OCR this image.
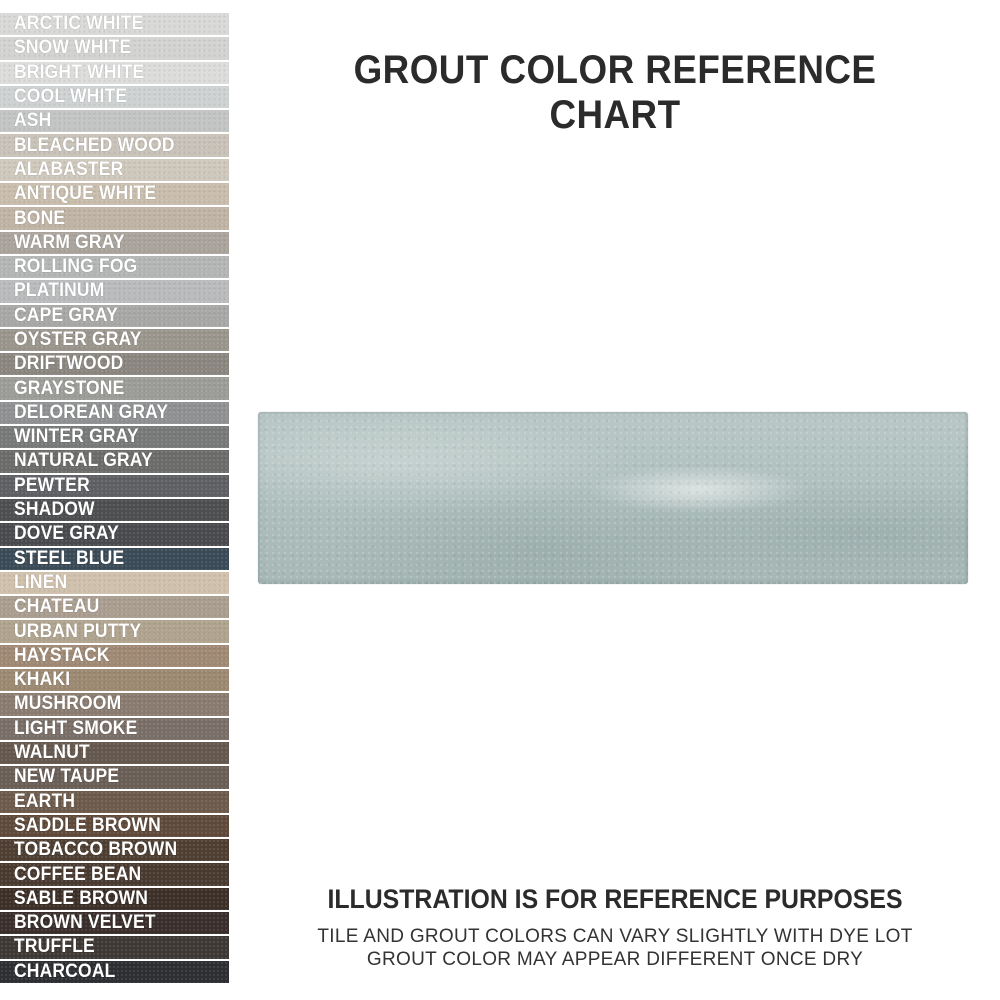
ARCTIC WHITE
SNOW WHITE
BRIGHT WHITE
COOL WHITE
ASH
BLEACHED WOOD
ALABASTER
ANTIQUE WHITE
BONE
WARM GRAY
ROLLING FOG
PLATINUM
CAPE GRAY
OYSTER GRAY
DRIFTWOOD
GRAYSTONE
DELOREAN GRAY
WINTER GRAY
NATURAL GRAY
PEWTER
SHADOW
DOVE GRAY
STEEL BLUE
LINEN
CHATEAU
URBAN PUTTY
HAYSTACK
KHAKI
MUSHROOM
LIGHT SMOKE
WALNUT
NEW TAUPE
EARTH
SADDLE BROWN
TOBACCO BROWN
COFFEE BEAN
SABLE BROWN
BROWN VELVET
TRUFFLE
CHARCOAL
GROUT COLOR REFERENCE CHART
ILLUSTRATION IS FOR REFERENCE PURPOSES
TILE AND GROUT COLORS CAN VARY SLIGHTLY WITH DYE LOT
GROUT COLOR MAY APPEAR DIFFERENT ONCE DRY
